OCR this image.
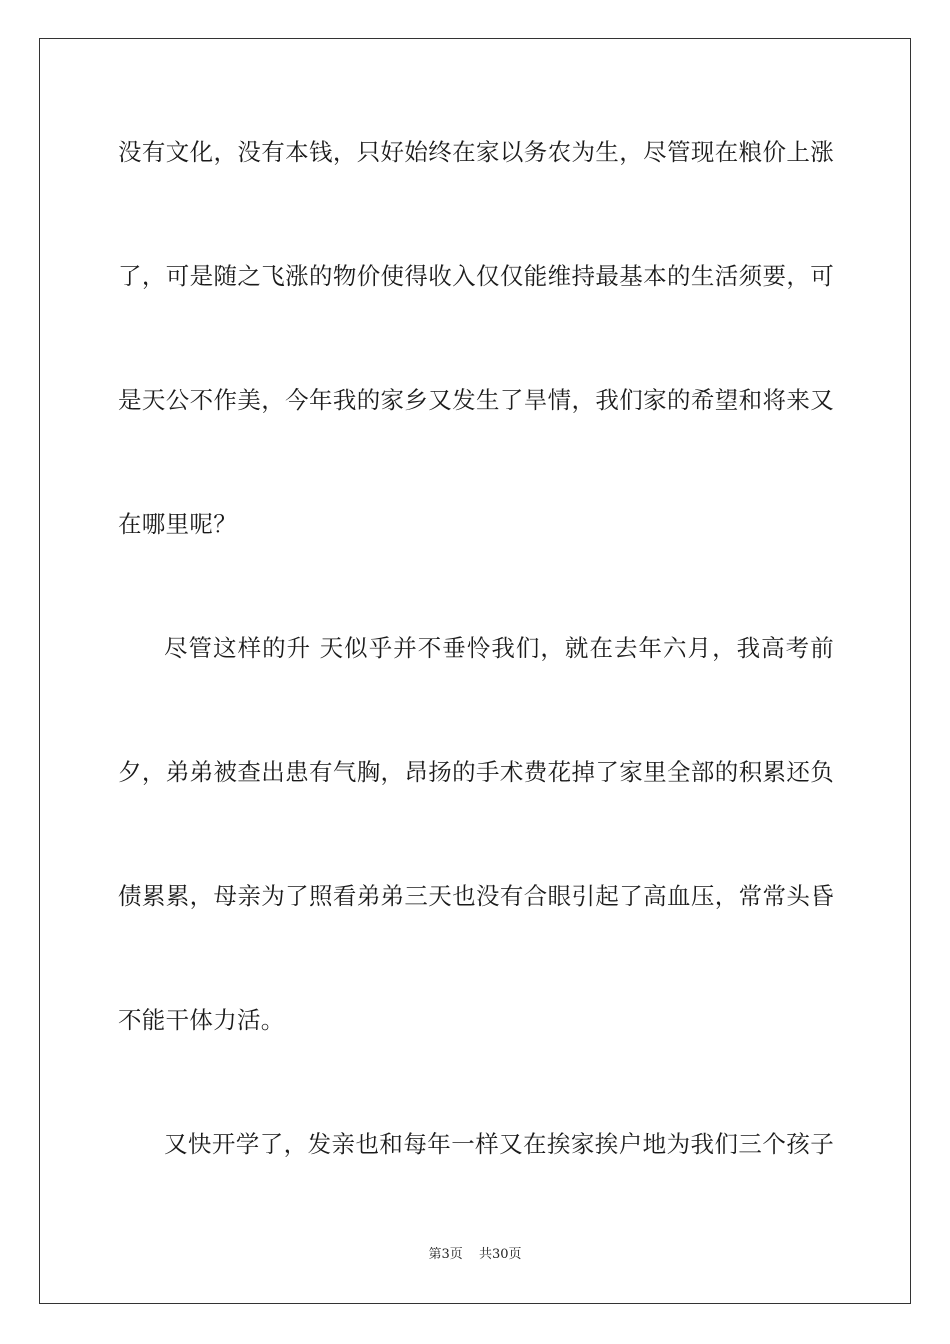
没有文化，没有本钱，只好始终在家以务农为生，尽管现在粮价上涨
了，可是随之飞涨的物价使得收入仅仅能维持最基本的生活须要，可
是天公不作美，今年我的家乡又发生了旱情，我们家的希望和将来又
在哪里呢？
尽管这样的升 天似乎并不垂怜我们，就在去年六月，我高考前
夕，弟弟被查出患有气胸，昂扬的手术费花掉了家里全部的积累还负
债累累，母亲为了照看弟弟三天也没有合眼引起了高血压，常常头昏
不能干体力活。
又快开学了，发亲也和每年一样又在挨家挨户地为我们三个孩子
第3页 共30页
